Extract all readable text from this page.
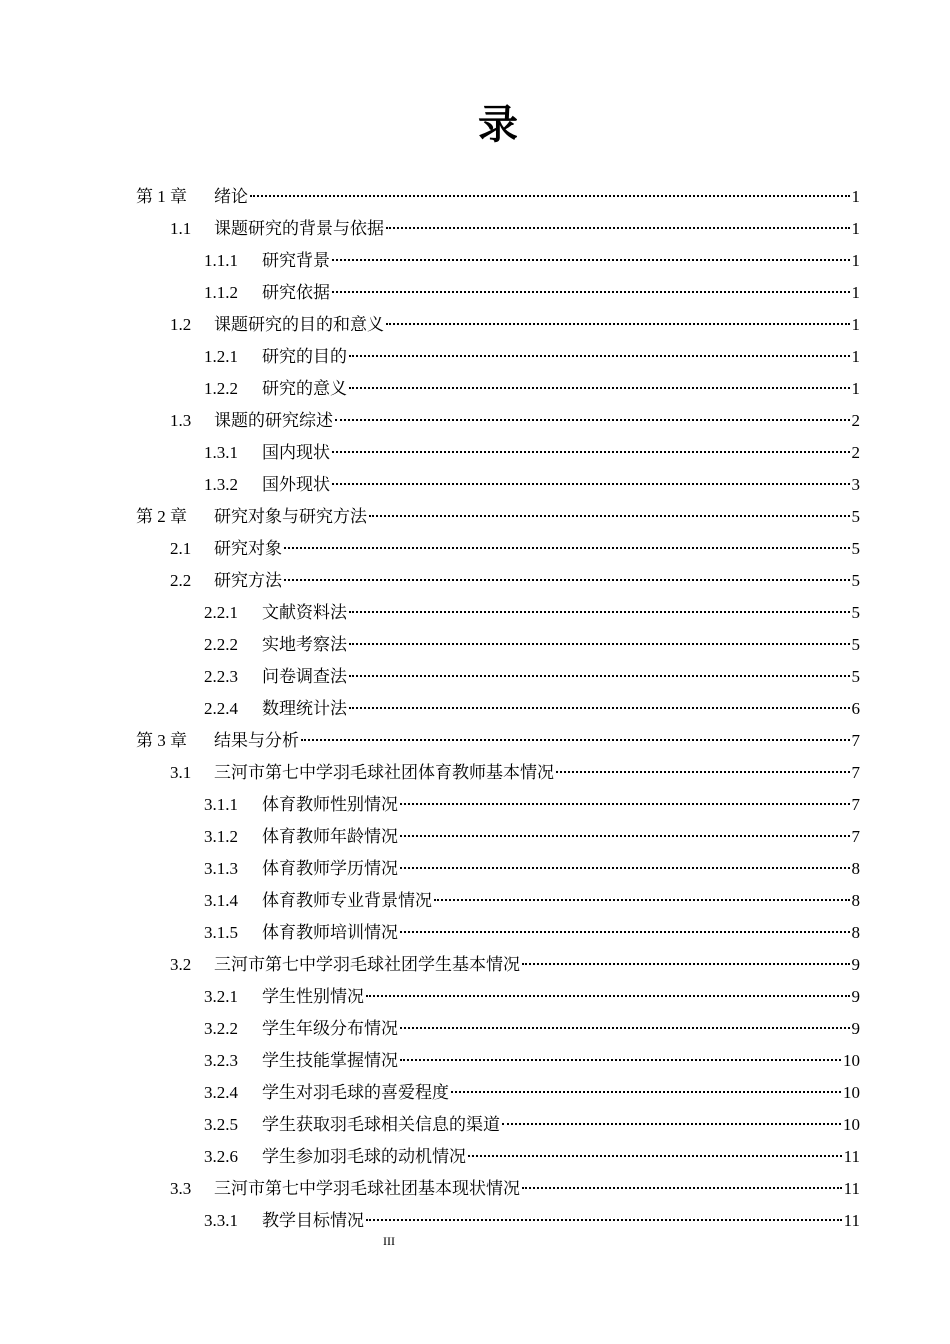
录
第 1 章	绪论	1
1.1	课题研究的背景与依据	1
1.1.1	研究背景	1
1.1.2	研究依据	1
1.2	课题研究的目的和意义	1
1.2.1	研究的目的	1
1.2.2	研究的意义	1
1.3	课题的研究综述	2
1.3.1	国内现状	2
1.3.2	国外现状	3
第 2 章	研究对象与研究方法	5
2.1	研究对象	5
2.2	研究方法	5
2.2.1	文献资料法	5
2.2.2	实地考察法	5
2.2.3	问卷调查法	5
2.2.4	数理统计法	6
第 3 章	结果与分析	7
3.1	三河市第七中学羽毛球社团体育教师基本情况	7
3.1.1	体育教师性别情况	7
3.1.2	体育教师年龄情况	7
3.1.3	体育教师学历情况	8
3.1.4	体育教师专业背景情况	8
3.1.5	体育教师培训情况	8
3.2	三河市第七中学羽毛球社团学生基本情况	9
3.2.1	学生性别情况	9
3.2.2	学生年级分布情况	9
3.2.3	学生技能掌握情况	10
3.2.4	学生对羽毛球的喜爱程度	10
3.2.5	学生获取羽毛球相关信息的渠道	10
3.2.6	学生参加羽毛球的动机情况	11
3.3	三河市第七中学羽毛球社团基本现状情况	11
3.3.1	教学目标情况	11
III
